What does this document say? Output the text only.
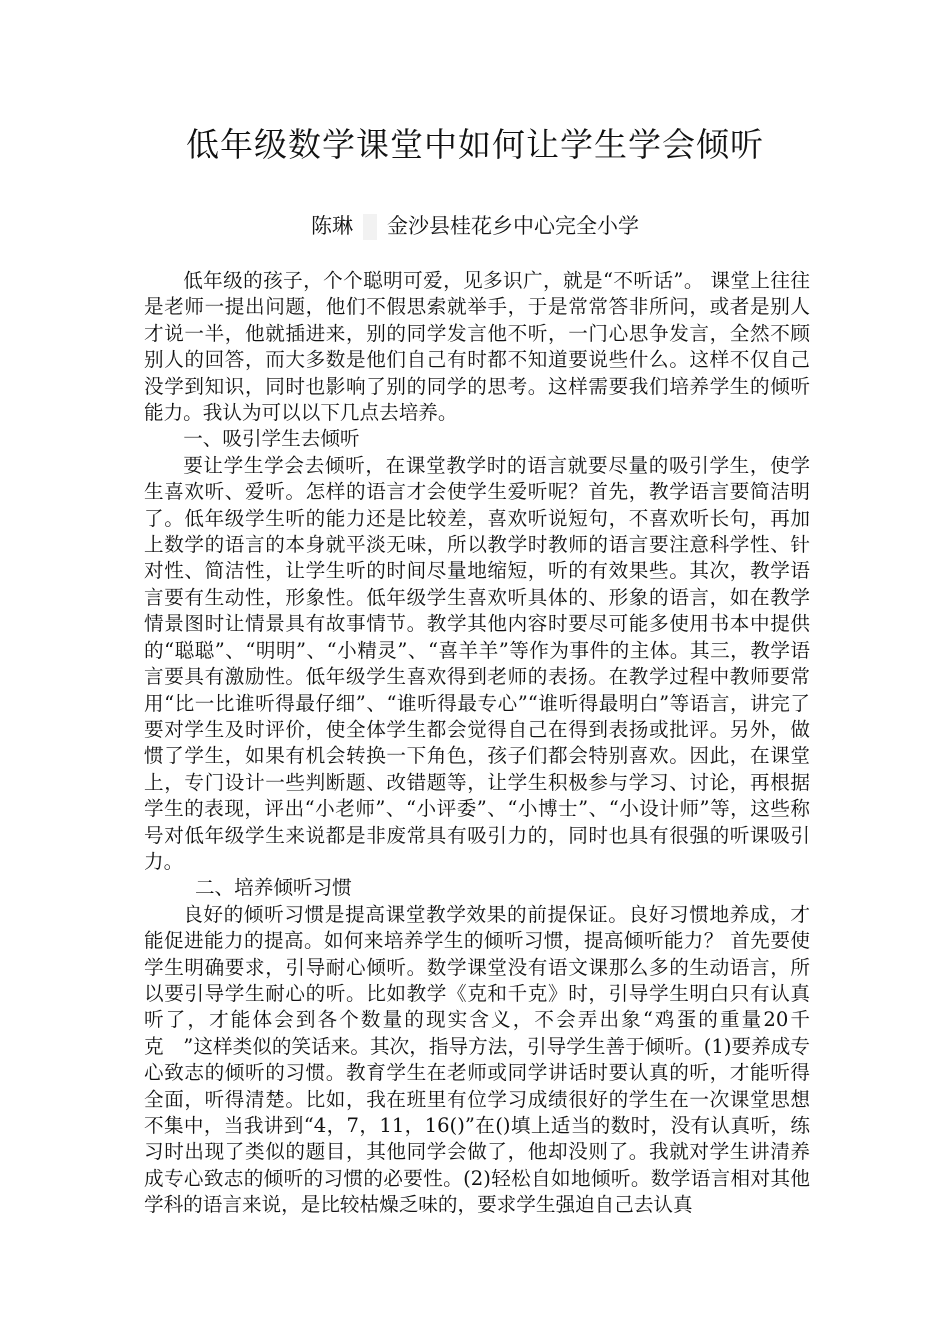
低年级数学课堂中如何让学生学会倾听
陈琳 金沙县桂花乡中心完全小学

低年级的孩子，个个聪明可爱，见多识广，就是“不听话”。 课堂上往往是老师一提出问题，他们不假思索就举手，于是常常答非所问，或者是别人才说一半，他就插进来，别的同学发言他不听，一门心思争发言，全然不顾别人的回答，而大多数是他们自己有时都不知道要说些什么。这样不仅自己没学到知识，同时也影响了别的同学的思考。这样需要我们培养学生的倾听能力。我认为可以以下几点去培养。

一、吸引学生去倾听

要让学生学会去倾听，在课堂教学时的语言就要尽量的吸引学生，使学生喜欢听、爱听。怎样的语言才会使学生爱听呢？首先，教学语言要简洁明了。低年级学生听的能力还是比较差，喜欢听说短句，不喜欢听长句，再加上数学的语言的本身就平淡无味，所以教学时教师的语言要注意科学性、针对性、简洁性，让学生听的时间尽量地缩短，听的有效果些。其次，教学语言要有生动性，形象性。低年级学生喜欢听具体的、形象的语言，如在教学情景图时让情景具有故事情节。教学其他内容时要尽可能多使用书本中提供的“聪聪”、“明明”、“小精灵”、“喜羊羊”等作为事件的主体。其三，教学语言要具有激励性。低年级学生喜欢得到老师的表扬。在教学过程中教师要常用“比一比谁听得最仔细”、“谁听得最专心”“谁听得最明白”等语言，讲完了要对学生及时评价，使全体学生都会觉得自己在得到表扬或批评。另外，做惯了学生，如果有机会转换一下角色，孩子们都会特别喜欢。因此，在课堂上，专门设计一些判断题、改错题等，让学生积极参与学习、讨论，再根据学生的表现，评出“小老师”、“小评委”、“小博士”、“小设计师”等，这些称号对低年级学生来说都是非废常具有吸引力的，同时也具有很强的听课吸引力。

二、培养倾听习惯

良好的倾听习惯是提高课堂教学效果的前提保证。良好习惯地养成，才能促进能力的提高。如何来培养学生的倾听习惯，提高倾听能力？ 首先要使学生明确要求，引导耐心倾听。数学课堂没有语文课那么多的生动语言，所以要引导学生耐心的听。比如教学《克和千克》时，引导学生明白只有认真听了，才能体会到各个数量的现实含义，不会弄出象“鸡蛋的重量20千克　”这样类似的笑话来。其次，指导方法，引导学生善于倾听。(1)要养成专心致志的倾听的习惯。教育学生在老师或同学讲话时要认真的听，才能听得全面，听得清楚。比如，我在班里有位学习成绩很好的学生在一次课堂思想不集中，当我讲到“4，7，11，16()”在()填上适当的数时，没有认真听，练习时出现了类似的题目，其他同学会做了，他却没则了。我就对学生讲清养成专心致志的倾听的习惯的必要性。(2)轻松自如地倾听。数学语言相对其他学科的语言来说，是比较枯燥乏味的，要求学生强迫自己去认真
